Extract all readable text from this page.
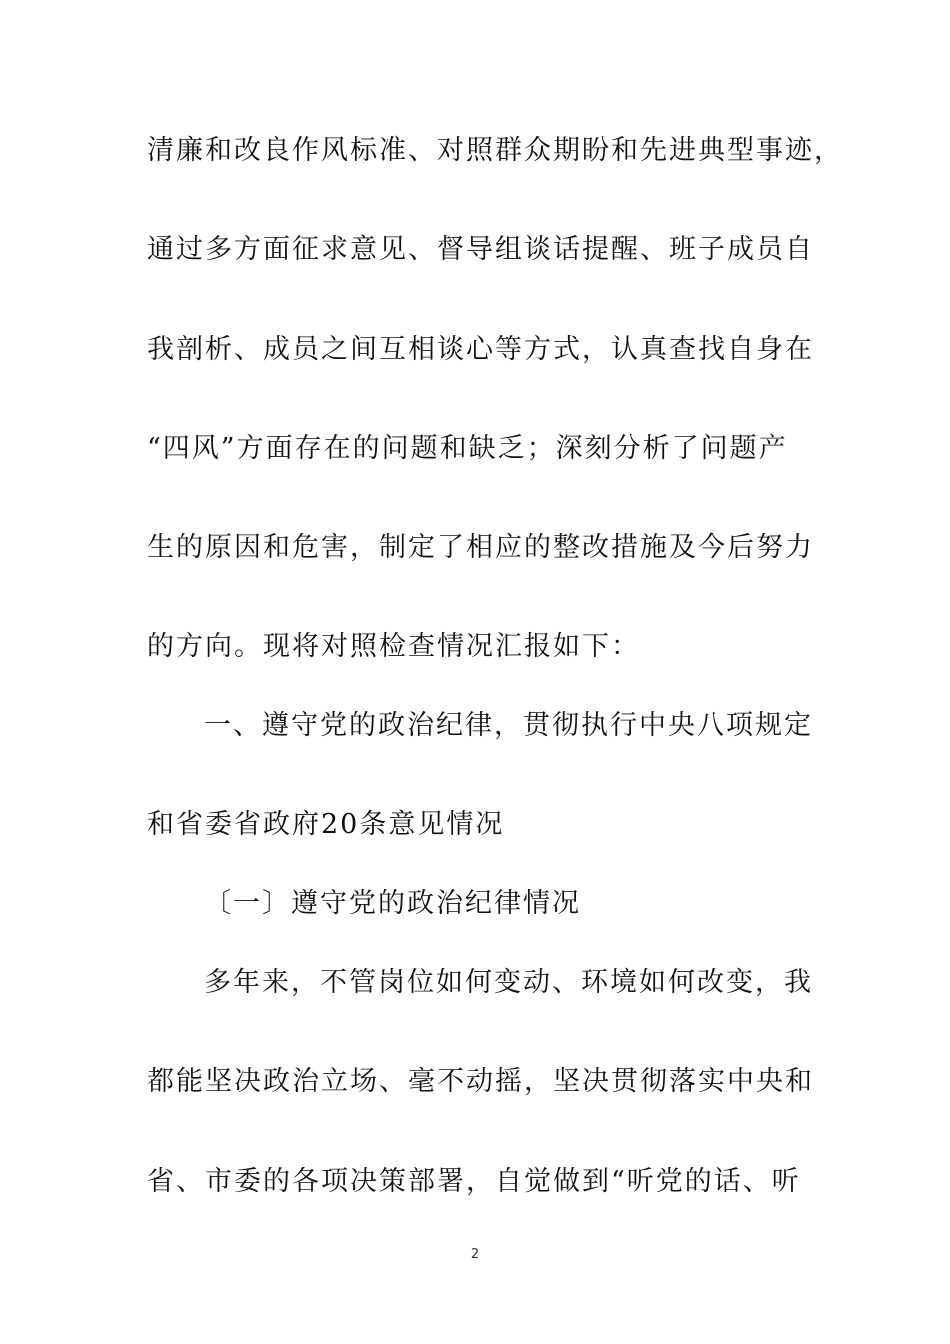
清廉和改良作风标准、对照群众期盼和先进典型事迹，
通过多方面征求意见、督导组谈话提醒、班子成员自
我剖析、成员之间互相谈心等方式，认真查找自身在
“四风”方面存在的问题和缺乏；深刻分析了问题产
生的原因和危害，制定了相应的整改措施及今后努力
的方向。现将对照检查情况汇报如下：
一、遵守党的政治纪律，贯彻执行中央八项规定
和省委省政府20条意见情况
〔一〕遵守党的政治纪律情况
多年来，不管岗位如何变动、环境如何改变，我
都能坚决政治立场、毫不动摇，坚决贯彻落实中央和
省、市委的各项决策部署，自觉做到“听党的话、听
2
